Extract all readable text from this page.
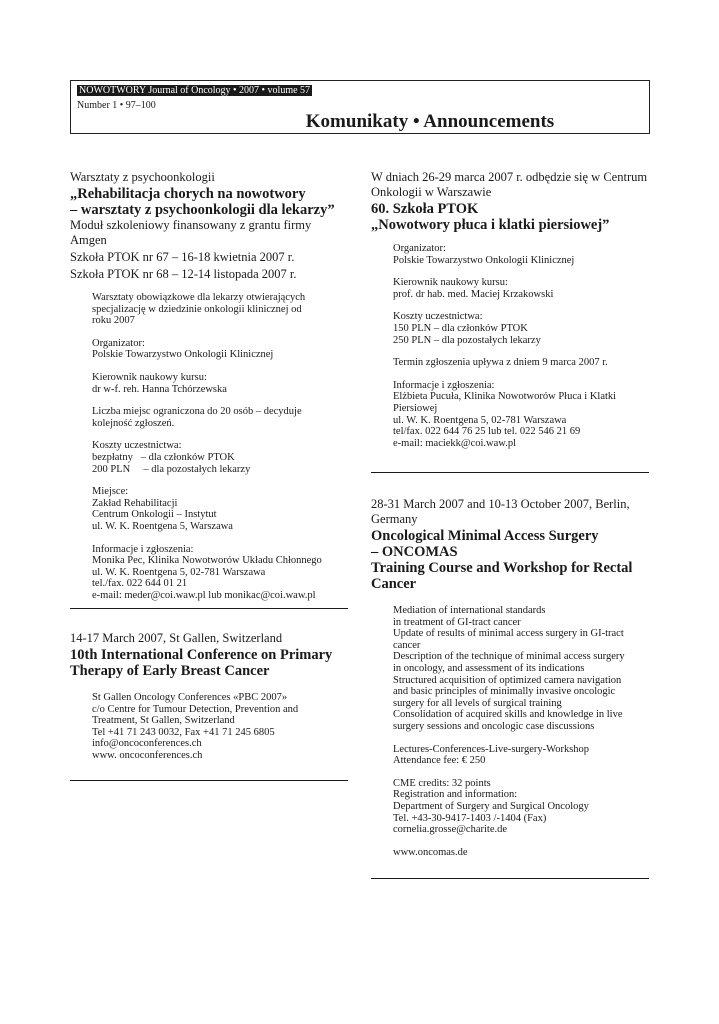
NOWOTWORY Journal of Oncology • 2007 • volume 57
Number 1 • 97–100
Komunikaty • Announcements
Warsztaty z psychoonkologii
„Rehabilitacja chorych na nowotwory
– warsztaty z psychoonkologii dla lekarzy”
Moduł szkoleniowy finansowany z grantu firmy Amgen
Szkoła PTOK nr 67 – 16-18 kwietnia 2007 r.
Szkoła PTOK nr 68 – 12-14 listopada 2007 r.

Warsztaty obowiązkowe dla lekarzy otwierających
specjalizację w dziedzinie onkologii klinicznej od
roku 2007

Organizator:
Polskie Towarzystwo Onkologii Klinicznej

Kierownik naukowy kursu:
dr w-f. reh. Hanna Tchórzewska

Liczba miejsc ograniczona do 20 osób – decyduje
kolejność zgłoszeń.

Koszty uczestnictwa:
bezpłatny – dla członków PTOK
200 PLN – dla pozostałych lekarzy

Miejsce:
Zakład Rehabilitacji
Centrum Onkologii – Instytut
ul. W. K. Roentgena 5, Warszawa

Informacje i zgłoszenia:
Monika Pec, Klinika Nowotworów Układu Chłonnego
ul. W. K. Roentgena 5, 02-781 Warszawa
tel./fax. 022 644 01 21
e-mail: meder@coi.waw.pl lub monikac@coi.waw.pl

14-17 March 2007, St Gallen, Switzerland
10th International Conference on Primary
Therapy of Early Breast Cancer

St Gallen Oncology Conferences «PBC 2007»
c/o Centre for Tumour Detection, Prevention and
Treatment, St Gallen, Switzerland
Tel +41 71 243 0032, Fax +41 71 245 6805
info@oncoconferences.ch
www. oncoconferences.ch

W dniach 26-29 marca 2007 r. odbędzie się w Centrum
Onkologii w Warszawie
60. Szkoła PTOK
„Nowotwory płuca i klatki piersiowej”

Organizator:
Polskie Towarzystwo Onkologii Klinicznej

Kierownik naukowy kursu:
prof. dr hab. med. Maciej Krzakowski

Koszty uczestnictwa:
150 PLN – dla członków PTOK
250 PLN – dla pozostałych lekarzy

Termin zgłoszenia upływa z dniem 9 marca 2007 r.

Informacje i zgłoszenia:
Elżbieta Pucuła, Klinika Nowotworów Płuca i Klatki
Piersiowej
ul. W. K. Roentgena 5, 02-781 Warszawa
tel/fax. 022 644 76 25 lub tel. 022 546 21 69
e-mail: maciekk@coi.waw.pl

28-31 March 2007 and 10-13 October 2007, Berlin,
Germany
Oncological Minimal Access Surgery
– ONCOMAS
Training Course and Workshop for Rectal
Cancer

Mediation of international standards
in treatment of GI-tract cancer
Update of results of minimal access surgery in GI-tract
cancer
Description of the technique of minimal access surgery
in oncology, and assessment of its indications
Structured acquisition of optimized camera navigation
and basic principles of minimally invasive oncologic
surgery for all levels of surgical training
Consolidation of acquired skills and knowledge in live
surgery sessions and oncologic case discussions

Lectures-Conferences-Live-surgery-Workshop
Attendance fee: € 250

CME credits: 32 points
Registration and information:
Department of Surgery and Surgical Oncology
Tel. +43-30-9417-1403 /-1404 (Fax)
cornelia.grosse@charite.de

www.oncomas.de
